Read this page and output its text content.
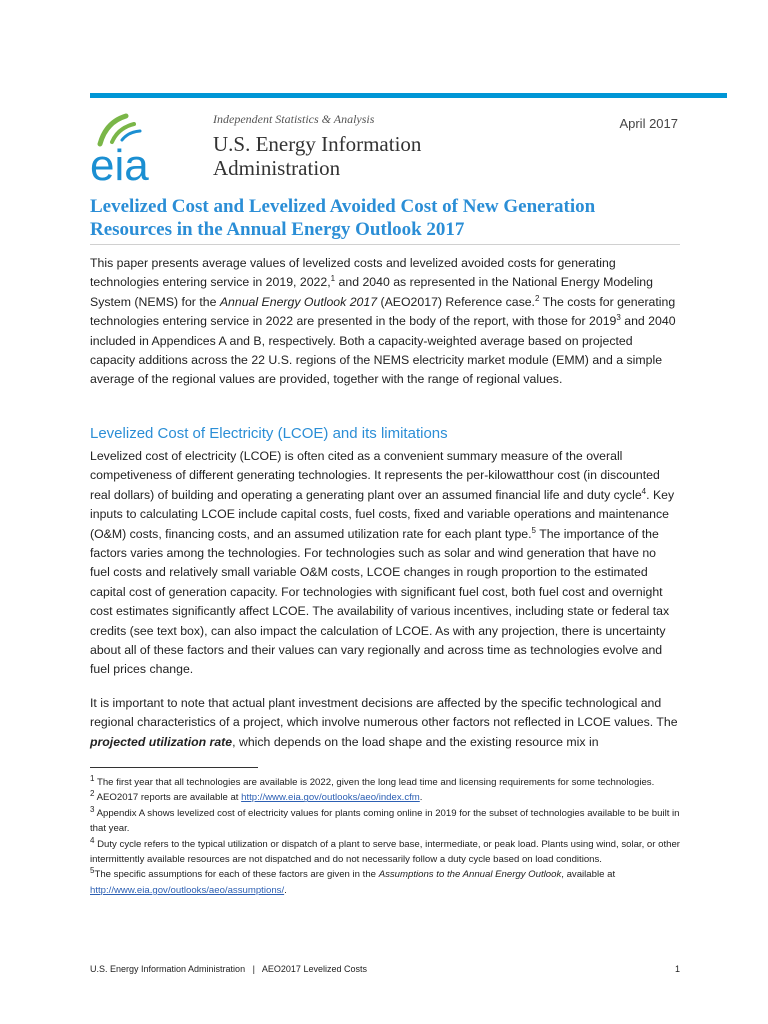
eia
Independent Statistics & Analysis
U.S. Energy Information
Administration
April 2017
Levelized Cost and Levelized Avoided Cost of New Generation Resources in the Annual Energy Outlook 2017
This paper presents average values of levelized costs and levelized avoided costs for generating technologies entering service in 2019, 2022,$^1$ and 2040 as represented in the National Energy Modeling System (NEMS) for the Annual Energy Outlook 2017 (AEO2017) Reference case.$^2$ The costs for generating technologies entering service in 2022 are presented in the body of the report, with those for 2019$^3$ and 2040 included in Appendices A and B, respectively. Both a capacity-weighted average based on projected capacity additions across the 22 U.S. regions of the NEMS electricity market module (EMM) and a simple average of the regional values are provided, together with the range of regional values.
Levelized Cost of Electricity (LCOE) and its limitations
Levelized cost of electricity (LCOE) is often cited as a convenient summary measure of the overall competiveness of different generating technologies. It represents the per-kilowatthour cost (in discounted real dollars) of building and operating a generating plant over an assumed financial life and duty cycle$^4$. Key inputs to calculating LCOE include capital costs, fuel costs, fixed and variable operations and maintenance (O&M) costs, financing costs, and an assumed utilization rate for each plant type.$^5$ The importance of the factors varies among the technologies. For technologies such as solar and wind generation that have no fuel costs and relatively small variable O&M costs, LCOE changes in rough proportion to the estimated capital cost of generation capacity. For technologies with significant fuel cost, both fuel cost and overnight cost estimates significantly affect LCOE. The availability of various incentives, including state or federal tax credits (see text box), can also impact the calculation of LCOE. As with any projection, there is uncertainty about all of these factors and their values can vary regionally and across time as technologies evolve and fuel prices change.
It is important to note that actual plant investment decisions are affected by the specific technological and regional characteristics of a project, which involve numerous other factors not reflected in LCOE values. The projected utilization rate, which depends on the load shape and the existing resource mix in
$^1$ The first year that all technologies are available is 2022, given the long lead time and licensing requirements for some technologies.
$^2$ AEO2017 reports are available at http://www.eia.gov/outlooks/aeo/index.cfm.
$^3$ Appendix A shows levelized cost of electricity values for plants coming online in 2019 for the subset of technologies available to be built in that year.
$^4$ Duty cycle refers to the typical utilization or dispatch of a plant to serve base, intermediate, or peak load. Plants using wind, solar, or other intermittently available resources are not dispatched and do not necessarily follow a duty cycle based on load conditions.
$^5$The specific assumptions for each of these factors are given in the Assumptions to the Annual Energy Outlook, available at
http://www.eia.gov/outlooks/aeo/assumptions/.
U.S. Energy Information Administration   |   AEO2017 Levelized Costs	1
